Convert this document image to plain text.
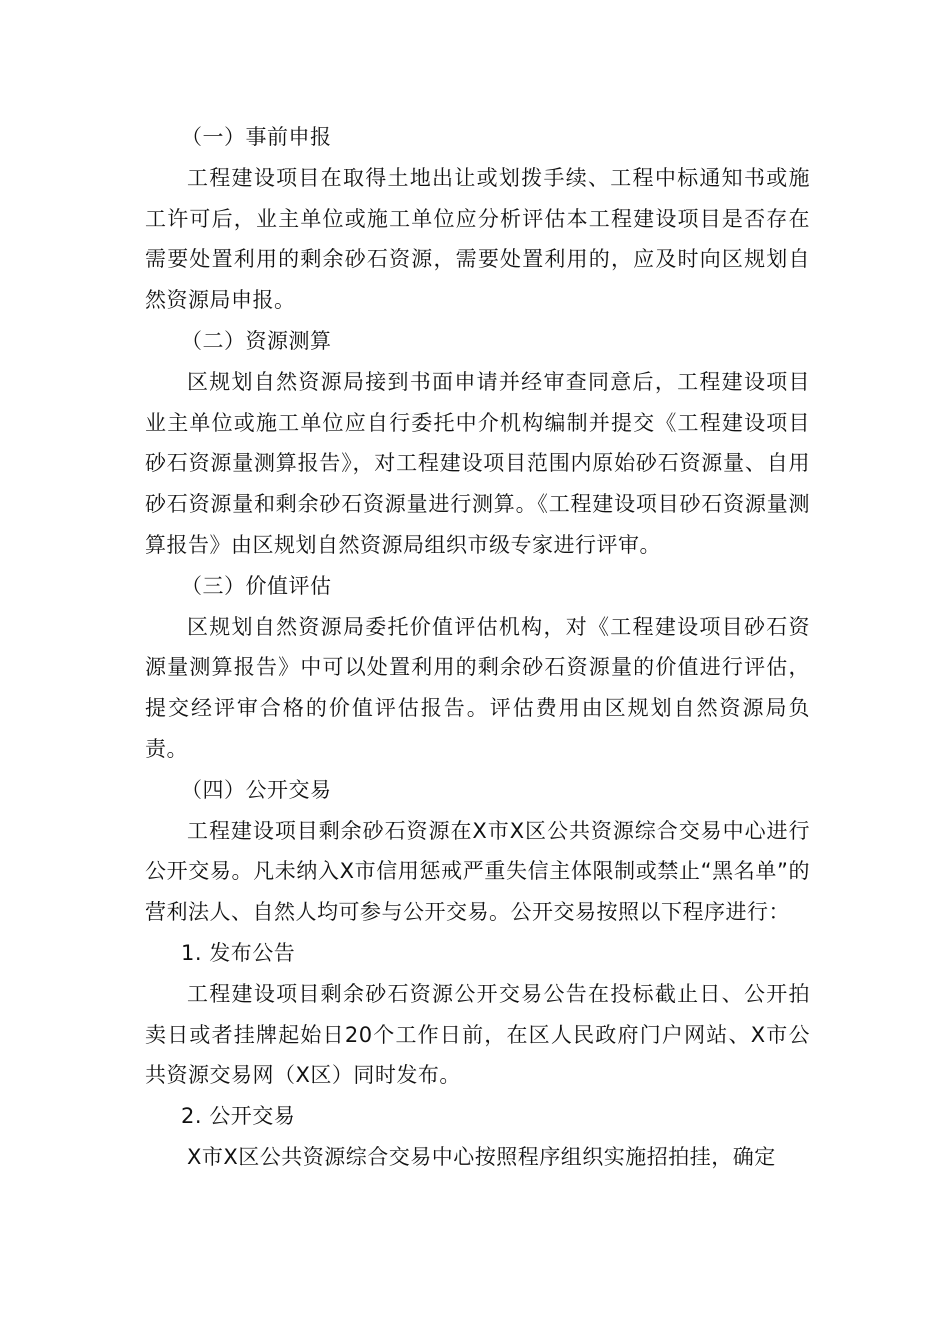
（一）事前申报

工程建设项目在取得土地出让或划拨手续、工程中标通知书或施工许可后，业主单位或施工单位应分析评估本工程建设项目是否存在需要处置利用的剩余砂石资源，需要处置利用的，应及时向区规划自然资源局申报。

（二）资源测算

区规划自然资源局接到书面申请并经审查同意后，工程建设项目业主单位或施工单位应自行委托中介机构编制并提交《工程建设项目砂石资源量测算报告》，对工程建设项目范围内原始砂石资源量、自用砂石资源量和剩余砂石资源量进行测算。《工程建设项目砂石资源量测算报告》由区规划自然资源局组织市级专家进行评审。

（三）价值评估

区规划自然资源局委托价值评估机构，对《工程建设项目砂石资源量测算报告》中可以处置利用的剩余砂石资源量的价值进行评估，提交经评审合格的价值评估报告。评估费用由区规划自然资源局负责。

（四）公开交易

工程建设项目剩余砂石资源在X市X区公共资源综合交易中心进行公开交易。凡未纳入X市信用惩戒严重失信主体限制或禁止“黑名单”的营利法人、自然人均可参与公开交易。公开交易按照以下程序进行：

1. 发布公告

工程建设项目剩余砂石资源公开交易公告在投标截止日、公开拍卖日或者挂牌起始日20个工作日前，在区人民政府门户网站、X市公共资源交易网（X区）同时发布。

2. 公开交易

X市X区公共资源综合交易中心按照程序组织实施招拍挂，确定
